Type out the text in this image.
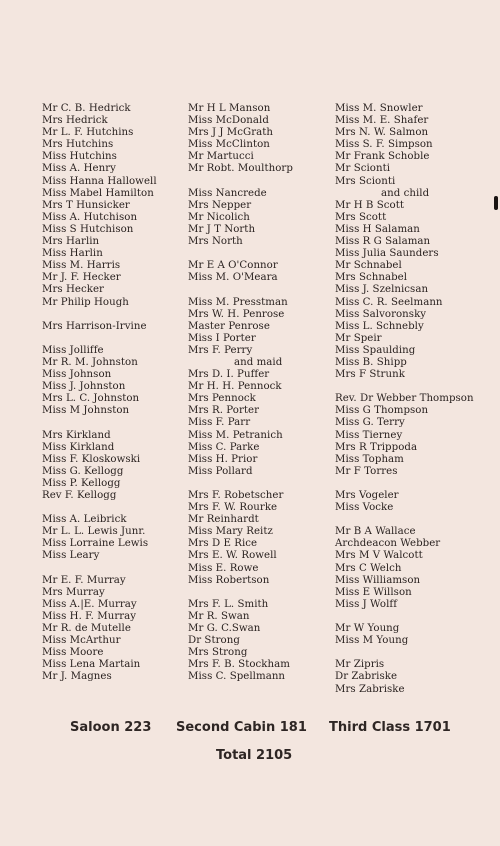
Mr C. B. Hedrick
Mrs Hedrick
Mr L. F. Hutchins
Mrs Hutchins
Miss Hutchins
Miss A. Henry
Miss Hanna Hallowell
Miss Mabel Hamilton
Mrs T Hunsicker
Miss A. Hutchison
Miss S Hutchison
Mrs Harlin
Miss Harlin
Miss M. Harris
Mr J. F. Hecker
Mrs Hecker
Mr Philip Hough
Mrs Harrison-Irvine
Miss Jolliffe
Mr R. M. Johnston
Miss Johnson
Miss J. Johnston
Mrs L. C. Johnston
Miss M Johnston
Mrs Kirkland
Miss Kirkland
Miss F. Kloskowski
Miss G. Kellogg
Miss P. Kellogg
Rev F. Kellogg
Miss A. Leibrick
Mr L. L. Lewis Junr.
Miss Lorraine Lewis
Miss Leary
Mr E. F. Murray
Mrs Murray
Miss A.|E. Murray
Miss H. F. Murray
Mr R. de Mutelle
Miss McArthur
Miss Moore
Miss Lena Martain
Mr J. Magnes
Mr H L Manson
Miss McDonald
Mrs J J McGrath
Miss McClinton
Mr Martucci
Mr Robt. Moulthorp
Miss Nancrede
Mrs Nepper
Mr Nicolich
Mr J T North
Mrs North
Mr E A O'Connor
Miss M. O'Meara
Miss M. Presstman
Mrs W. H. Penrose
Master Penrose
Miss I Porter
Mrs F. Perry
and maid
Mrs D. I. Puffer
Mr H. H. Pennock
Mrs Pennock
Mrs R. Porter
Miss F. Parr
Miss M. Petranich
Miss C. Parke
Miss H. Prior
Miss Pollard
Mrs F. Robetscher
Mrs F. W. Rourke
Mr Reinhardt
Miss Mary Reitz
Mrs D E Rice
Mrs E. W. Rowell
Miss E. Rowe
Miss Robertson
Mrs F. L. Smith
Mr R. Swan
Mr G. C.Swan
Dr Strong
Mrs Strong
Mrs F. B. Stockham
Miss C. Spellmann
Miss M. Snowler
Miss M. E. Shafer
Mrs N. W. Salmon
Miss S. F. Simpson
Mr Frank Schoble
Mr Scionti
Mrs Scionti
and child
Mr H B Scott
Mrs Scott
Miss H Salaman
Miss R G Salaman
Miss Julia Saunders
Mr Schnabel
Mrs Schnabel
Miss J. Szelnicsan
Miss C. R. Seelmann
Miss Salvoronsky
Miss L. Schnebly
Mr Speir
Miss Spaulding
Miss B. Shipp
Mrs F Strunk
Rev. Dr Webber Thompson
Miss G Thompson
Miss G. Terry
Miss Tierney
Mrs R Trippoda
Miss Topham
Mr F Torres
Mrs Vogeler
Miss Vocke
Mr B A Wallace
Archdeacon Webber
Mrs M V Walcott
Mrs C Welch
Miss Williamson
Miss E Willson
Miss J Wolff
Mr W Young
Miss M Young
Mr Zipris
Dr Zabriske
Mrs Zabriske
Saloon 223 Second Cabin 181 Third Class 1701
Total 2105
